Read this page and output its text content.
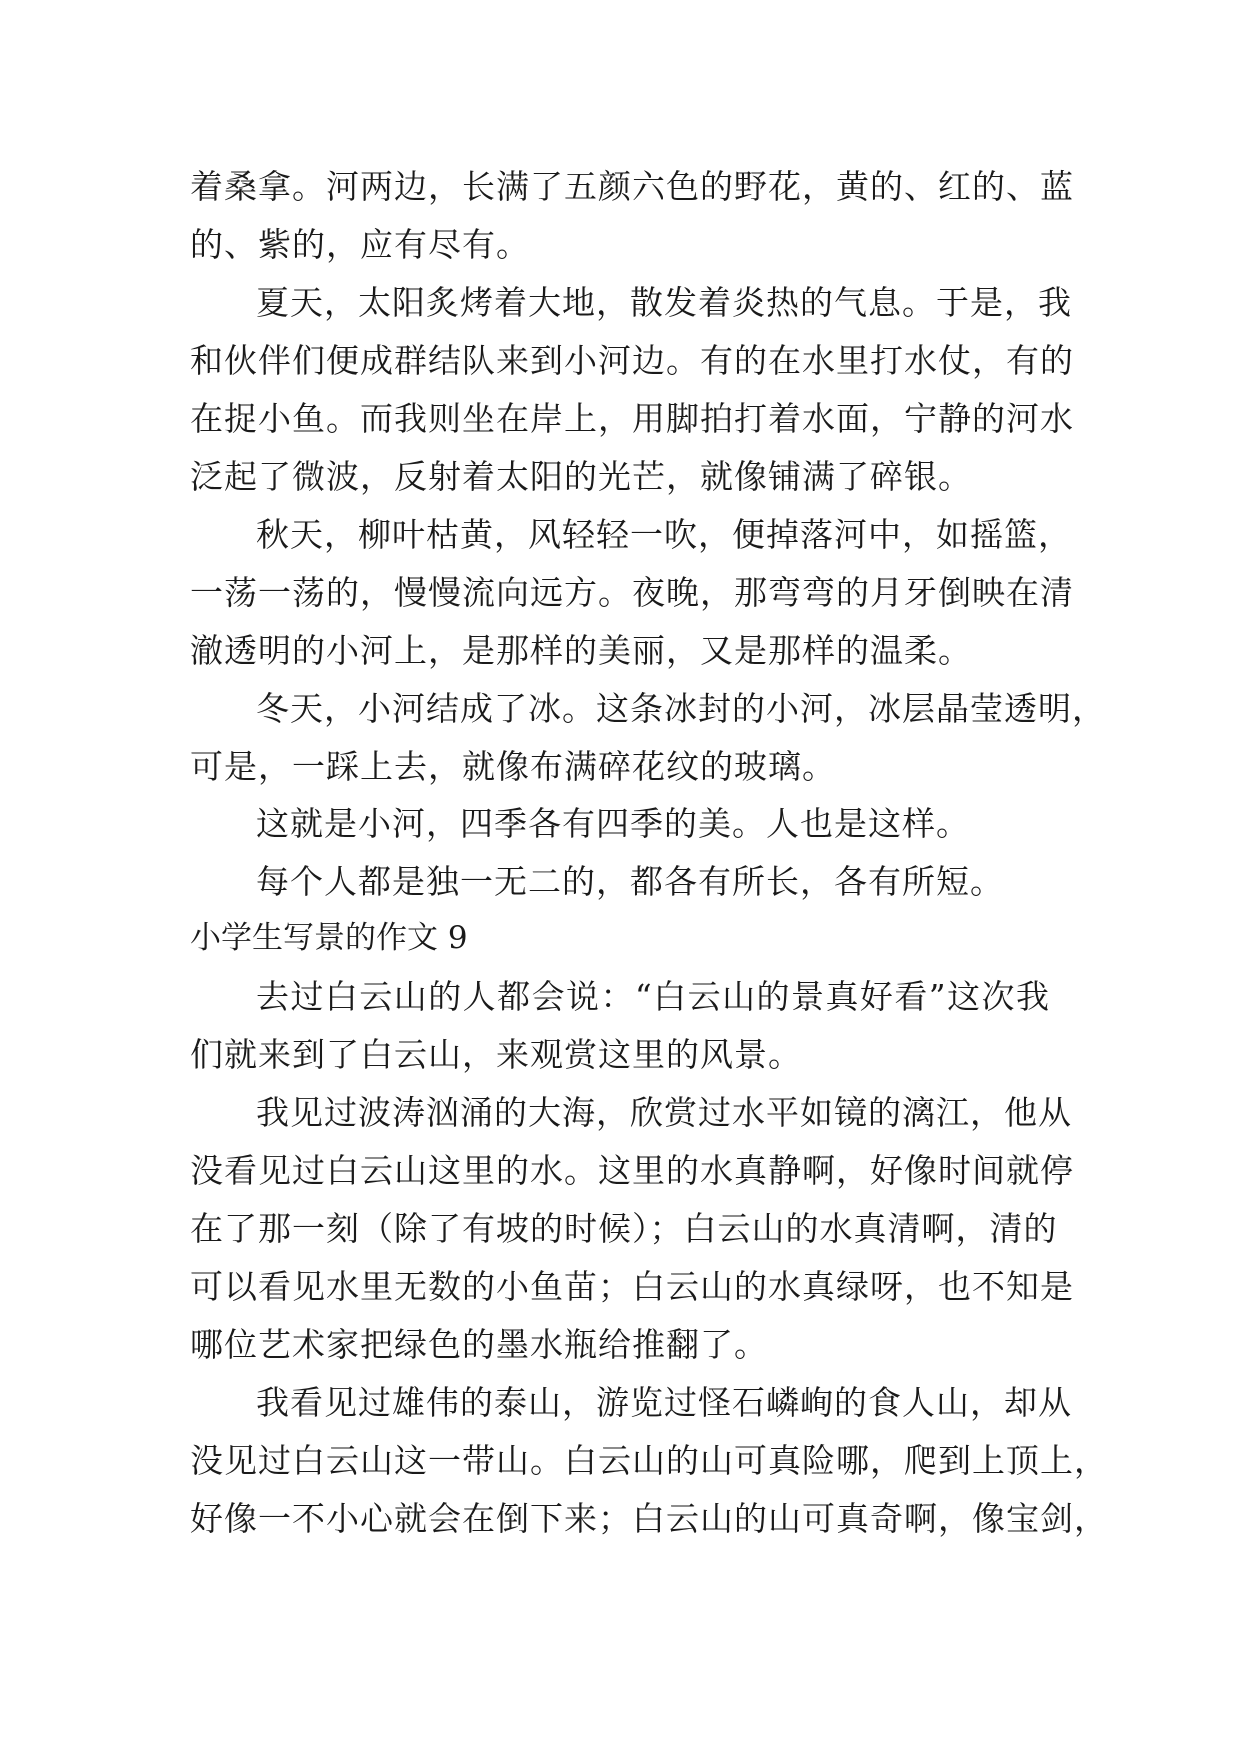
着桑拿。河两边，长满了五颜六色的野花，黄的、红的、蓝
的、紫的，应有尽有。
夏天，太阳炙烤着大地，散发着炎热的气息。于是，我
和伙伴们便成群结队来到小河边。有的在水里打水仗，有的
在捉小鱼。而我则坐在岸上，用脚拍打着水面，宁静的河水
泛起了微波，反射着太阳的光芒，就像铺满了碎银。
秋天，柳叶枯黄，风轻轻一吹，便掉落河中，如摇篮，
一荡一荡的，慢慢流向远方。夜晚，那弯弯的月牙倒映在清
澈透明的小河上，是那样的美丽，又是那样的温柔。
冬天，小河结成了冰。这条冰封的小河，冰层晶莹透明，
可是，一踩上去，就像布满碎花纹的玻璃。
这就是小河，四季各有四季的美。人也是这样。
每个人都是独一无二的，都各有所长，各有所短。
小学生写景的作文 9
去过白云山的人都会说：“白云山的景真好看”这次我
们就来到了白云山，来观赏这里的风景。
我见过波涛汹涌的大海，欣赏过水平如镜的漓江，他从
没看见过白云山这里的水。这里的水真静啊，好像时间就停
在了那一刻（除了有坡的时候）；白云山的水真清啊，清的
可以看见水里无数的小鱼苗；白云山的水真绿呀，也不知是
哪位艺术家把绿色的墨水瓶给推翻了。
我看见过雄伟的泰山，游览过怪石嶙峋的食人山，却从
没见过白云山这一带山。白云山的山可真险哪，爬到上顶上，
好像一不小心就会在倒下来；白云山的山可真奇啊，像宝剑，
